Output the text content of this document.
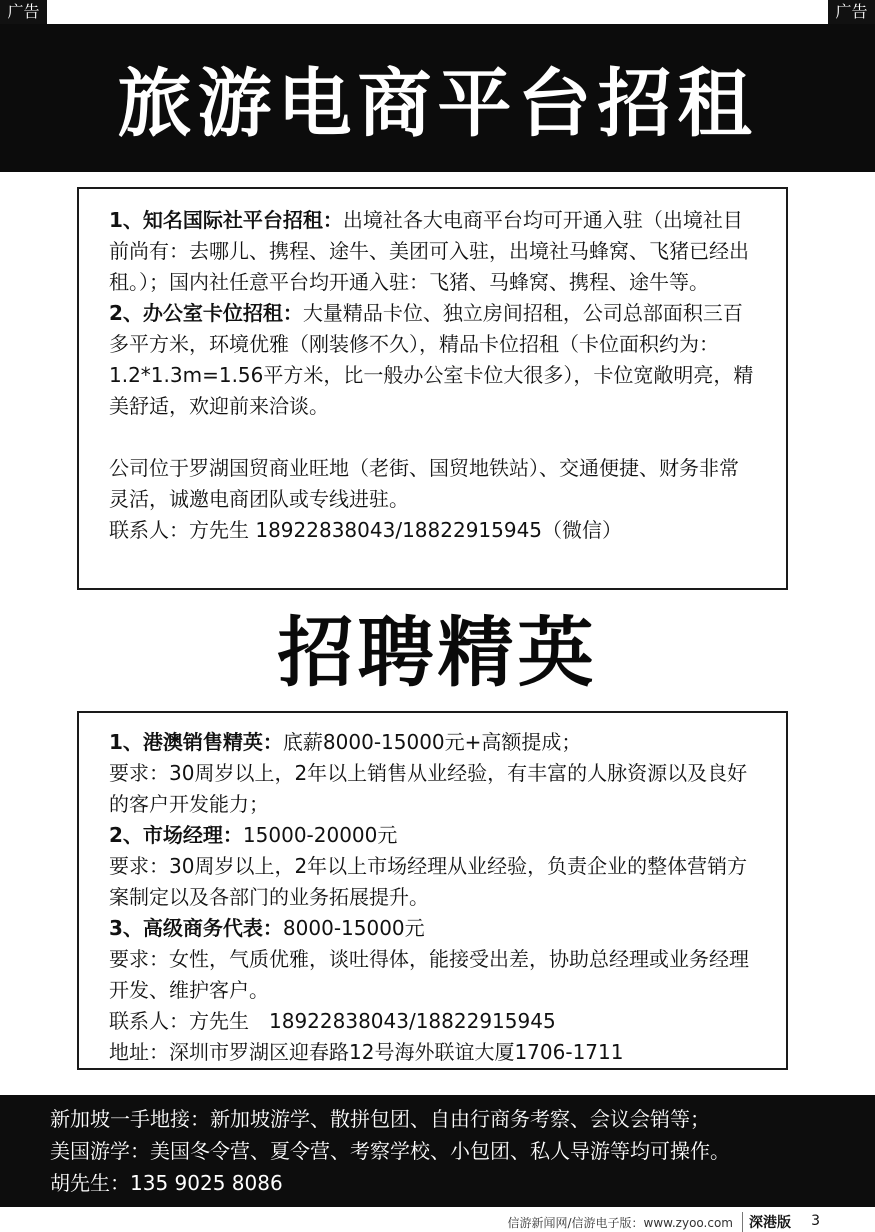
广告	广告
旅游电商平台招租

1、知名国际社平台招租：出境社各大电商平台均可开通入驻（出境社目前尚有：去哪儿、携程、途牛、美团可入驻，出境社马蜂窝、飞猪已经出租。）；国内社任意平台均开通入驻：飞猪、马蜂窝、携程、途牛等。

2、办公室卡位招租：大量精品卡位、独立房间招租，公司总部面积三百多平方米，环境优雅（刚装修不久），精品卡位招租（卡位面积约为：1.2*1.3m=1.56平方米，比一般办公室卡位大很多），卡位宽敞明亮，精美舒适，欢迎前来洽谈。

公司位于罗湖国贸商业旺地（老街、国贸地铁站）、交通便捷、财务非常灵活，诚邀电商团队或专线进驻。

联系人：方先生 18922838043/18822915945（微信）

招聘精英

1、港澳销售精英：底薪8000-15000元+高额提成；

要求：30周岁以上，2年以上销售从业经验，有丰富的人脉资源以及良好的客户开发能力；

2、市场经理：15000-20000元

要求：30周岁以上，2年以上市场经理从业经验，负责企业的整体营销方案制定以及各部门的业务拓展提升。

3、高级商务代表：8000-15000元

要求：女性，气质优雅，谈吐得体，能接受出差，协助总经理或业务经理开发、维护客户。

联系人：方先生　18922838043/18822915945

地址：深圳市罗湖区迎春路12号海外联谊大厦1706-1711

新加坡一手地接：新加坡游学、散拼包团、自由行商务考察、会议会销等；

美国游学：美国冬令营、夏令营、考察学校、小包团、私人导游等均可操作。

胡先生：135 9025 8086

信游新闻网/信游电子版：www.zyoo.com	深港版 3
